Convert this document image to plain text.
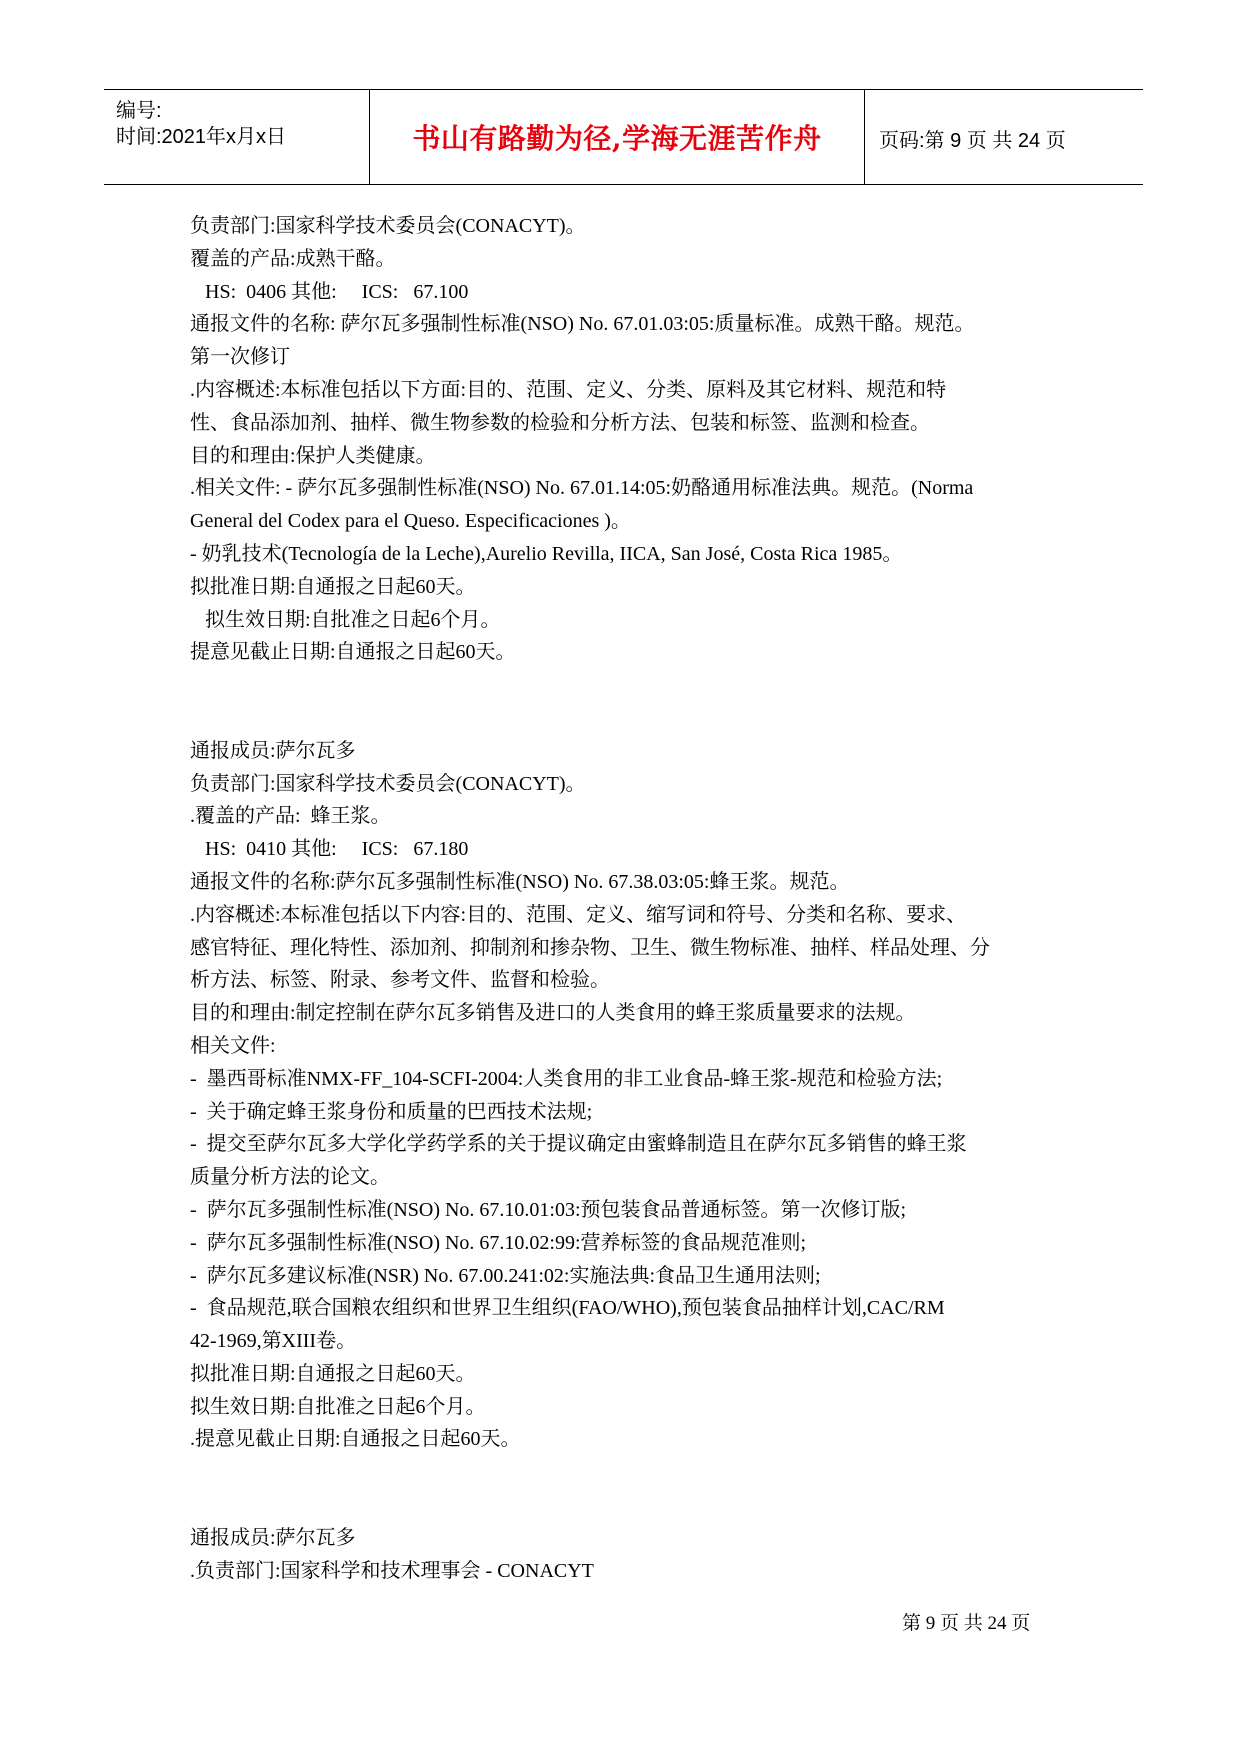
编号:
时间:2021年x月x日	书山有路勤为径,学海无涯苦作舟	页码:第 9 页 共 24 页
负责部门:国家科学技术委员会(CONACYT)。
覆盖的产品:成熟干酪。
HS:  0406 其他:     ICS:   67.100
通报文件的名称: 萨尔瓦多强制性标准(NSO) No. 67.01.03:05:质量标准。成熟干酪。规范。
第一次修订
.内容概述:本标准包括以下方面:目的、范围、定义、分类、原料及其它材料、规范和特
性、食品添加剂、抽样、微生物参数的检验和分析方法、包装和标签、监测和检查。
目的和理由:保护人类健康。
.相关文件: - 萨尔瓦多强制性标准(NSO) No. 67.01.14:05:奶酪通用标准法典。规范。(Norma
General del Codex para el Queso. Especificaciones )。
- 奶乳技术(Tecnología de la Leche),Aurelio Revilla, IICA, San José, Costa Rica 1985。
拟批准日期:自通报之日起60天。
拟生效日期:自批准之日起6个月。
提意见截止日期:自通报之日起60天。
通报成员:萨尔瓦多
负责部门:国家科学技术委员会(CONACYT)。
.覆盖的产品:  蜂王浆。
HS:  0410 其他:     ICS:   67.180
通报文件的名称:萨尔瓦多强制性标准(NSO) No. 67.38.03:05:蜂王浆。规范。
.内容概述:本标准包括以下内容:目的、范围、定义、缩写词和符号、分类和名称、要求、
感官特征、理化特性、添加剂、抑制剂和掺杂物、卫生、微生物标准、抽样、样品处理、分
析方法、标签、附录、参考文件、监督和检验。
目的和理由:制定控制在萨尔瓦多销售及进口的人类食用的蜂王浆质量要求的法规。
相关文件:
-  墨西哥标准NMX-FF_104-SCFI-2004:人类食用的非工业食品-蜂王浆-规范和检验方法;
-  关于确定蜂王浆身份和质量的巴西技术法规;
-  提交至萨尔瓦多大学化学药学系的关于提议确定由蜜蜂制造且在萨尔瓦多销售的蜂王浆
质量分析方法的论文。
-  萨尔瓦多强制性标准(NSO) No. 67.10.01:03:预包装食品普通标签。第一次修订版;
-  萨尔瓦多强制性标准(NSO) No. 67.10.02:99:营养标签的食品规范准则;
-  萨尔瓦多建议标准(NSR) No. 67.00.241:02:实施法典:食品卫生通用法则;
-  食品规范,联合国粮农组织和世界卫生组织(FAO/WHO),预包装食品抽样计划,CAC/RM
42-1969,第XIII卷。
拟批准日期:自通报之日起60天。
拟生效日期:自批准之日起6个月。
.提意见截止日期:自通报之日起60天。
通报成员:萨尔瓦多
.负责部门:国家科学和技术理事会 - CONACYT
第 9 页 共 24 页
